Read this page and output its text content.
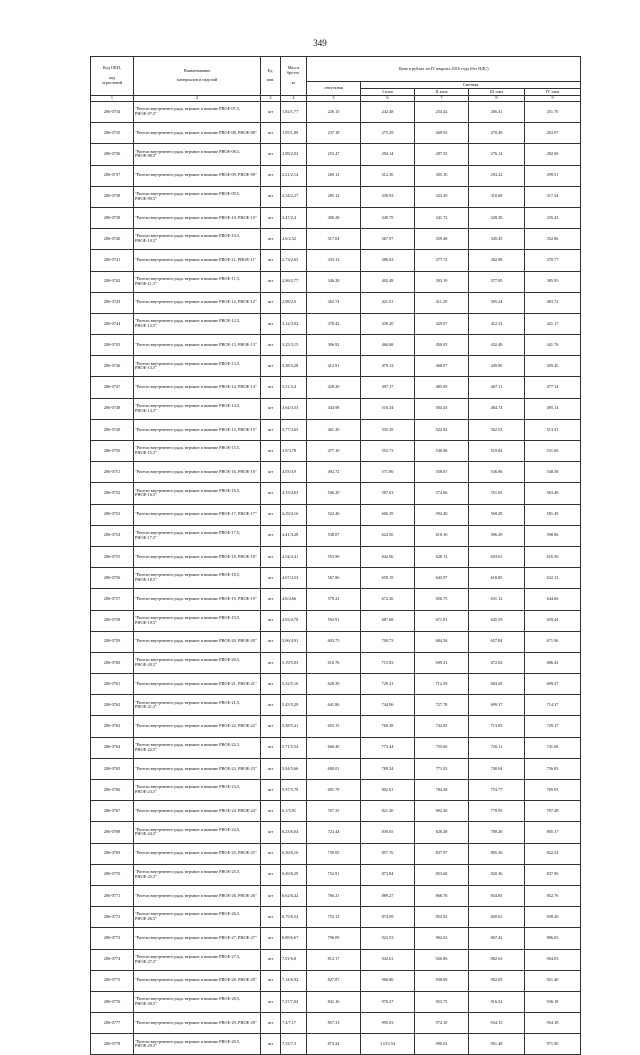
349
Код ОКП,

код
отраслевой	Наименование

материалов и изделий	Ед.

изм.	Масса брутто,

кг	Цена в рублях на IV квартал 2016 года (без НДС)				
				отпускная	Сметная			
					I зона	II зона	III зона	IV зона
1	2	3	4	5	6	7	8	9
206-0734	"Ригели внутреннего ряда, верхние и нижние РВОЕ-07,5, РНОЕ-07,5"	шт	1,82/1,77	226.15	242.48	254.42	266.41	251.70
206-0735	"Ригели внутреннего ряда, верхние и нижние РВОЕ-08, РНОЕ-08"	шт	1,95/1,89	237.18	275.29	268.93	270.49	263.97
206-0736	"Ригели внутреннего ряда, верхние и нижние РВОЕ-08,5, РНОЕ-08,5"	шт	2,08/2,02	253.47	294.14	287.35	276.14	282.06
206-0737	"Ригели внутреннего ряда, верхние и нижние РВОЕ-09, РНОЕ-09"	шт	2,21/2,14	269.12	312.30	305.10	293.22	299.51
206-0738	"Ригели внутреннего ряда, верхние и нижние РВОЕ-09,5, РНОЕ-09,5"	шт	2,34/2,27	285.12	330.93	323.29	310.68	317.34
206-0739	"Ригели внутреннего ряда, верхние и нижние РВОЕ-10, РНОЕ-10"	шт	2,47/2,4	300.28	349.79	341.72	328.38	335.43
206-0740	"Ригели внутреннего ряда, верхние и нижние РВОЕ-10,5, РНОЕ-10,5"	шт	2,6/2,52	317.04	367.97	359.48	345.45	352.86
206-0741	"Ригели внутреннего ряда, верхние и нижние РВОЕ-11, РНОЕ-11"	шт	2,73/2,65	333.13	386.63	377.72	362.98	370.77
206-0742	"Ригели внутреннего ряда, верхние и нижние РВОЕ-11,5, РНОЕ-11,5"	шт	2,86/2,77	346.28	402.48	393.19	377.85	385.95
206-0743	"Ригели внутреннего ряда, верхние и нижние РВОЕ-12, РНОЕ-12"	шт	2,98/2,9	362.74	421.01	411.29	395.24	403.72
206-0744	"Ригели внутреннего ряда, верхние и нижние РВОЕ-12,5, РНОЕ-12,5"	шт	3,12/3,02	378.42	439.20	429.07	412.33	421.17
206-0745	"Ригели внутреннего ряда, верхние и нижние РВОЕ-13, РНОЕ-13"	шт	3,25/3,15	396.92	460.68	450.05	432.48	441.76
206-0746	"Ригели внутреннего ряда, верхние и нижние РВОЕ-13,5, РНОЕ-13,5"	шт	3,38/3,28	412.91	479.12	468.07	449.80	459.45
206-0747	"Ригели внутреннего ряда, верхние и нижние РВОЕ-14, РНОЕ-14"	шт	3,51/3,4	428.20	497.17	485.69	467.11	477.14
206-0748	"Ригели внутреннего ряда, верхние и нижние РВОЕ-14,5, РНОЕ-14,5"	шт	3,64/3,53	444.98	516.34	504.43	484.74	495.14
206-0749	"Ригели внутреннего ряда, верхние и нижние РВОЕ-15, РНОЕ-15"	шт	3,77/3,65	461.20	535.29	522.94	502.53	513.31
206-0750	"Ригели внутреннего ряда, верхние и нижние РВОЕ-15,5, РНОЕ-15,5"	шт	3,9/3,78	477.10	553.73	540.96	519.84	531.00
206-0751	"Ригели внутреннего ряда, верхние и нижние РВОЕ-16, РНОЕ-16"	шт	4,03/3,9	492.72	571.86	558.67	536.86	548.38
206-0752	"Ригели внутреннего ряда, верхние и нижние РВОЕ-16,5, РНОЕ-16,5"	шт	4,15/4,03	506.29	587.63	574.06	551.65	563.48
206-0753	"Ригели внутреннего ряда, верхние и нижние РВОЕ-17, РНОЕ-17"	шт	4,29/4,16	522.46	606.39	592.40	569.28	581.49
206-0754	"Ригели внутреннего ряда, верхние и нижние РВОЕ-17,5, РНОЕ-17,5"	шт	4,41/4,28	538.07	624.50	610.10	586.29	598.86
206-0755	"Ригели внутреннего ряда, верхние и нижние РВОЕ-18, РНОЕ-18"	шт	4,54/4,41	553.96	642.96	628.13	603.61	616.56
206-0756	"Ригели внутреннего ряда, верхние и нижние РВОЕ-18,5, РНОЕ-18,5"	шт	4,67/4,53	567.96	659.19	643.97	618.85	632.13
206-0757	"Ригели внутреннего ряда, верхние и нижние РВОЕ-19, РНОЕ-19"	шт	4,8/4,66	579.22	672.26	656.75	631.12	644.66
206-0758	"Ригели внутреннего ряда, верхние и нижние РВОЕ-19,5, РНОЕ-19,5"	шт	4,93/4,78	592.91	687.68	671.81	645.59	659.44
206-0759	"Ригели внутреннего ряда, верхние и нижние РВОЕ-20, РНОЕ-20"	шт	5,06/4,91	603.75	700.73	684.56	657.84	671.96
206-0760	"Ригели внутреннего ряда, верхние и нижние РВОЕ-20,5, РНОЕ-20,5"	шт	5,19/5,03	616.76	715.83	699.31	672.02	686.43
206-0761	"Ригели внутреннего ряда, верхние и нижние РВОЕ-21, РНОЕ-21"	шт	5,32/5,16	628.29	729.21	712.39	684.58	699.27
206-0762	"Ригели внутреннего ряда, верхние и нижние РВОЕ-21,5, РНОЕ-21,5"	шт	5,45/5,29	641.86	744.96	727.78	699.37	714.37
206-0763	"Ригели внутреннего ряда, верхние и нижние РВОЕ-22, РНОЕ-22"	шт	5,58/5,41	655.15	760.38	742.85	713.85	729.17
206-0764	"Ригели внутреннего ряда, верхние и нижние РВОЕ-22,5, РНОЕ-22,5"	шт	5,71/5,54	666.40	773.44	755.60	726.11	741.68
206-0765	"Ригели внутреннего ряда, верхние и нижние РВОЕ-23, РНОЕ-23"	шт	5,84/5,66	680.01	789.24	771.03	740.94	756.83
206-0766	"Ригели внутреннего ряда, верхние и нижние РВОЕ-23,5, РНОЕ-23,5"	шт	5,97/5,79	691.79	802.91	784.38	753.77	769.93
206-0767	"Ригели внутреннего ряда, верхние и нижние РВОЕ-24, РНОЕ-24"	шт	6,1/5,91	707.35	821.20	802.26	770.95	787.48
206-0768	"Ригели внутреннего ряда, верхние и нижние РВОЕ-24,5, РНОЕ-24,5"	шт	6,23/6,04	723.44	839.65	820.28	788.26	805.17
206-0769	"Ригели внутреннего ряда, верхние и нижние РВОЕ-25, РНОЕ-25"	шт	6,36/6,16	739.05	857.76	837.97	805.26	822.54
206-0770	"Ригели внутреннего ряда, верхние и нижние РВОЕ-25,5, РНОЕ-25,5"	шт	6,49/6,29	752.91	873.84	853.68	820.36	837.96
206-0771	"Ригели внутреннего ряда, верхние и нижние РВОЕ-26, РНОЕ-26"	шт	6,62/6,42	766.21	889.27	868.76	834.85	852.76
206-0772	"Ригели внутреннего ряда, верхние и нижние РВОЕ-26,5, РНОЕ-26,5"	шт	6,75/6,54	753.12	874.09	853.92	820.61	838.20
206-0773	"Ригели внутреннего ряда, верхние и нижние РВОЕ-27, РНОЕ-27"	шт	6,88/6,67	796.09	923.53	902.63	867.42	886.03
206-0774	"Ригели внутреннего ряда, верхние и нижние РВОЕ-27,5, РНОЕ-27,5"	шт	7,01/6,8	812.17	942.61	920.86	882.63	904.03
206-0775	"Ригели внутреннего ряда, верхние и нижние РВОЕ-28, РНОЕ-28"	шт	7,14/6,92	827.87	960.86	938.69	902.05	921.40
206-0776	"Ригели внутреннего ряда, верхние и нижние РВОЕ-28,5, РНОЕ-28,5"	шт	7,27/7,04	841.16	976.27	953.75	916.52	936.18
206-0777	"Ригели внутреннего ряда, верхние и нижние РВОЕ-29, РНОЕ-29"	шт	7,4/7,17	857.33	995.03	972.10	934.15	954.18
206-0778	"Ригели внутреннего ряда, верхние и нижние РВОЕ-29,5, РНОЕ-29,5"	шт	7,53/7,3	873.24	1 013.54	990.02	951.48	971.90
